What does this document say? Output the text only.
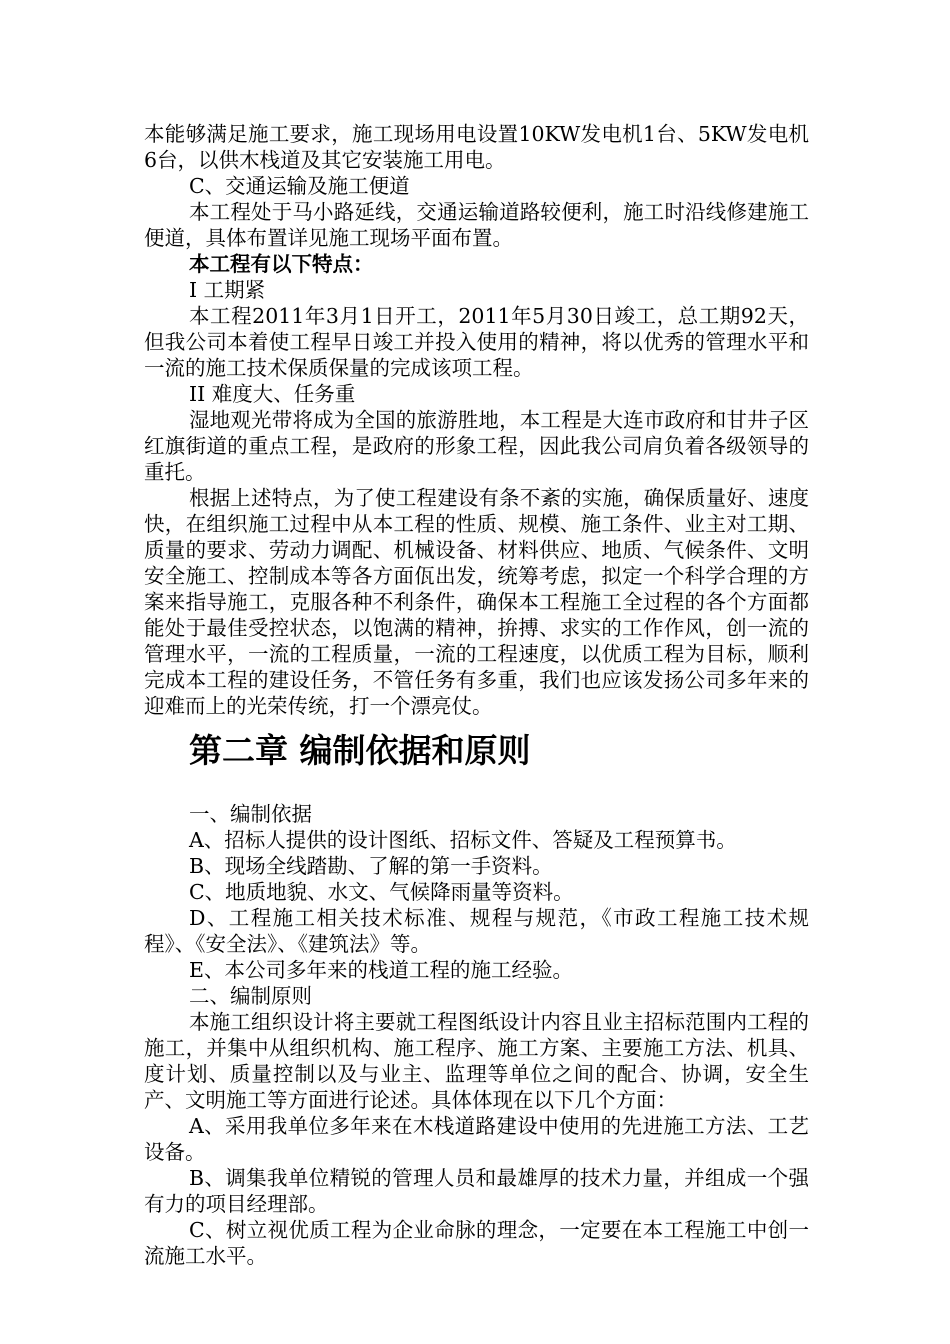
本能够满足施工要求，施工现场用电设置10KW发电机1台、5KW发电机6台，以供木栈道及其它安装施工用电。

C、交通运输及施工便道

本工程处于马小路延线，交通运输道路较便利，施工时沿线修建施工便道，具体布置详见施工现场平面布置。

本工程有以下特点：

I 工期紧

本工程2011年3月1日开工，2011年5月30日竣工，总工期92天，但我公司本着使工程早日竣工并投入使用的精神，将以优秀的管理水平和一流的施工技术保质保量的完成该项工程。

II 难度大、任务重

湿地观光带将成为全国的旅游胜地，本工程是大连市政府和甘井子区红旗街道的重点工程，是政府的形象工程，因此我公司肩负着各级领导的重托。

根据上述特点，为了使工程建设有条不紊的实施，确保质量好、速度快，在组织施工过程中从本工程的性质、规模、施工条件、业主对工期、质量的要求、劳动力调配、机械设备、材料供应、地质、气候条件、文明安全施工、控制成本等各方面佤出发，统筹考虑，拟定一个科学合理的方案来指导施工，克服各种不利条件，确保本工程施工全过程的各个方面都能处于最佳受控状态，以饱满的精神，拚搏、求实的工作作风，创一流的管理水平，一流的工程质量，一流的工程速度，以优质工程为目标，顺利完成本工程的建设任务，不管任务有多重，我们也应该发扬公司多年来的迎难而上的光荣传统，打一个漂亮仗。

第二章 编制依据和原则

一、编制依据

A、招标人提供的设计图纸、招标文件、答疑及工程预算书。

B、现场全线踏勘、了解的第一手资料。

C、地质地貌、水文、气候降雨量等资料。

D、工程施工相关技术标准、规程与规范，《市政工程施工技术规程》、《安全法》、《建筑法》等。

E、本公司多年来的栈道工程的施工经验。

二、编制原则

本施工组织设计将主要就工程图纸设计内容且业主招标范围内工程的施工，并集中从组织机构、施工程序、施工方案、主要施工方法、机具、度计划、质量控制以及与业主、监理等单位之间的配合、协调，安全生产、文明施工等方面进行论述。具体体现在以下几个方面：

A、采用我单位多年来在木栈道路建设中使用的先进施工方法、工艺设备。

B、调集我单位精锐的管理人员和最雄厚的技术力量，并组成一个强有力的项目经理部。

C、树立视优质工程为企业命脉的理念，一定要在本工程施工中创一流施工水平。
